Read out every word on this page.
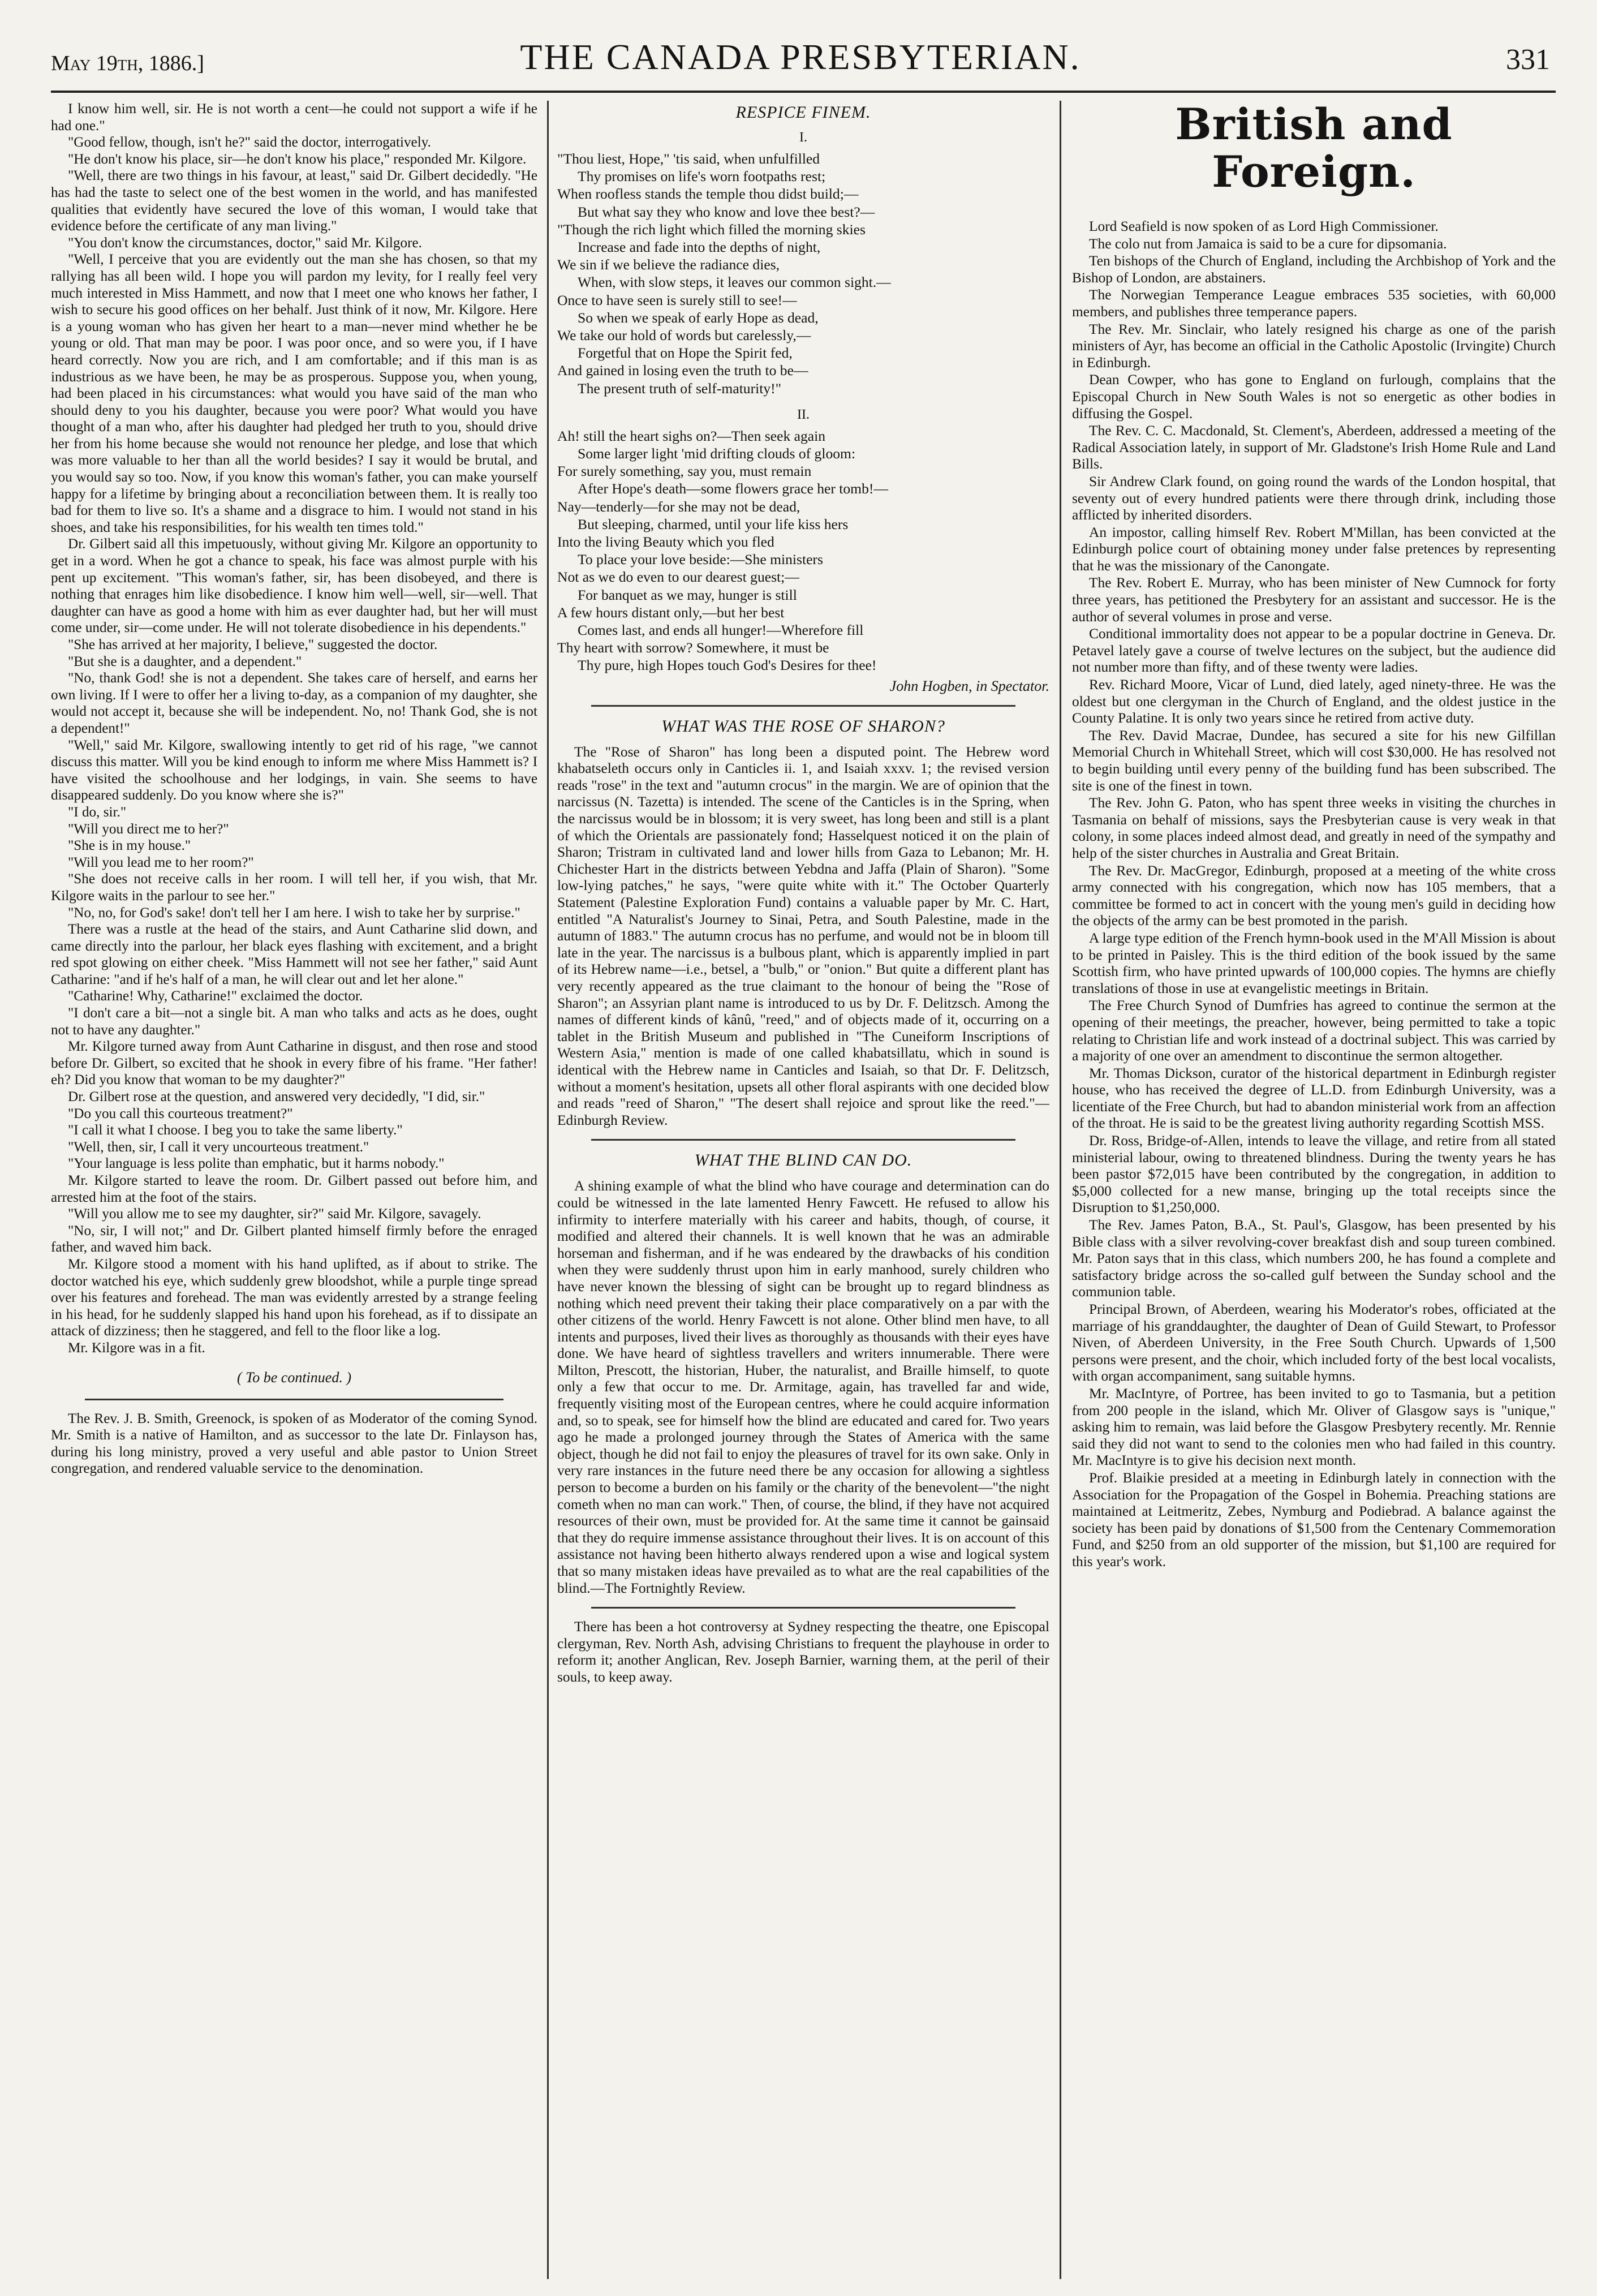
May 19th, 1886.]	THE CANADA PRESBYTERIAN.	331

I know him well, sir. He is not worth a cent—he could not support a wife if he had one."

"Good fellow, though, isn't he?" said the doctor, interrogatively.

"He don't know his place, sir—he don't know his place," responded Mr. Kilgore.

"Well, there are two things in his favour, at least," said Dr. Gilbert decidedly. "He has had the taste to select one of the best women in the world, and has manifested qualities that evidently have secured the love of this woman, I would take that evidence before the certificate of any man living."

"You don't know the circumstances, doctor," said Mr. Kilgore.

"Well, I perceive that you are evidently out the man she has chosen, so that my rallying has all been wild. I hope you will pardon my levity, for I really feel very much interested in Miss Hammett, and now that I meet one who knows her father, I wish to secure his good offices on her behalf. Just think of it now, Mr. Kilgore. Here is a young woman who has given her heart to a man—never mind whether he be young or old. That man may be poor. I was poor once, and so were you, if I have heard correctly. Now you are rich, and I am comfortable; and if this man is as industrious as we have been, he may be as prosperous. Suppose you, when young, had been placed in his circumstances: what would you have said of the man who should deny to you his daughter, because you were poor? What would you have thought of a man who, after his daughter had pledged her truth to you, should drive her from his home because she would not renounce her pledge, and lose that which was more valuable to her than all the world besides? I say it would be brutal, and you would say so too. Now, if you know this woman's father, you can make yourself happy for a lifetime by bringing about a reconciliation between them. It is really too bad for them to live so. It's a shame and a disgrace to him. I would not stand in his shoes, and take his responsibilities, for his wealth ten times told."

Dr. Gilbert said all this impetuously, without giving Mr. Kilgore an opportunity to get in a word. When he got a chance to speak, his face was almost purple with his pent up excitement. "This woman's father, sir, has been disobeyed, and there is nothing that enrages him like disobedience. I know him well—well, sir—well. That daughter can have as good a home with him as ever daughter had, but her will must come under, sir—come under. He will not tolerate disobedience in his dependents."

"She has arrived at her majority, I believe," suggested the doctor.

"But she is a daughter, and a dependent."

"No, thank God! she is not a dependent. She takes care of herself, and earns her own living. If I were to offer her a living to-day, as a companion of my daughter, she would not accept it, because she will be independent. No, no! Thank God, she is not a dependent!"

"Well," said Mr. Kilgore, swallowing intently to get rid of his rage, "we cannot discuss this matter. Will you be kind enough to inform me where Miss Hammett is? I have visited the schoolhouse and her lodgings, in vain. She seems to have disappeared suddenly. Do you know where she is?"

"I do, sir."

"Will you direct me to her?"

"She is in my house."

"Will you lead me to her room?"

"She does not receive calls in her room. I will tell her, if you wish, that Mr. Kilgore waits in the parlour to see her."

"No, no, for God's sake! don't tell her I am here. I wish to take her by surprise."

There was a rustle at the head of the stairs, and Aunt Catharine slid down, and came directly into the parlour, her black eyes flashing with excitement, and a bright red spot glowing on either cheek. "Miss Hammett will not see her father," said Aunt Catharine: "and if he's half of a man, he will clear out and let her alone."

"Catharine! Why, Catharine!" exclaimed the doctor.

"I don't care a bit—not a single bit. A man who talks and acts as he does, ought not to have any daughter."

Mr. Kilgore turned away from Aunt Catharine in disgust, and then rose and stood before Dr. Gilbert, so excited that he shook in every fibre of his frame. "Her father! eh? Did you know that woman to be my daughter?"

Dr. Gilbert rose at the question, and answered very decidedly, "I did, sir."

"Do you call this courteous treatment?"

"I call it what I choose. I beg you to take the same liberty."

"Well, then, sir, I call it very uncourteous treatment."

"Your language is less polite than emphatic, but it harms nobody."

Mr. Kilgore started to leave the room. Dr. Gilbert passed out before him, and arrested him at the foot of the stairs.

"Will you allow me to see my daughter, sir?" said Mr. Kilgore, savagely.

"No, sir, I will not;" and Dr. Gilbert planted himself firmly before the enraged father, and waved him back.

Mr. Kilgore stood a moment with his hand uplifted, as if about to strike. The doctor watched his eye, which suddenly grew bloodshot, while a purple tinge spread over his features and forehead. The man was evidently arrested by a strange feeling in his head, for he suddenly slapped his hand upon his forehead, as if to dissipate an attack of dizziness; then he staggered, and fell to the floor like a log.

Mr. Kilgore was in a fit.

( To be continued. )

The Rev. J. B. Smith, Greenock, is spoken of as Moderator of the coming Synod. Mr. Smith is a native of Hamilton, and as successor to the late Dr. Finlayson has, during his long ministry, proved a very useful and able pastor to Union Street congregation, and rendered valuable service to the denomination.

RESPICE FINEM.
I.
"Thou liest, Hope," 'tis said, when unfulfilled
Thy promises on life's worn footpaths rest;
When roofless stands the temple thou didst build;—
But what say they who know and love thee best?—
"Though the rich light which filled the morning skies
Increase and fade into the depths of night,
We sin if we believe the radiance dies,
When, with slow steps, it leaves our common sight.—
Once to have seen is surely still to see!—
So when we speak of early Hope as dead,
We take our hold of words but carelessly,—
Forgetful that on Hope the Spirit fed,
And gained in losing even the truth to be—
The present truth of self-maturity!"
II.
Ah! still the heart sighs on?—Then seek again
Some larger light 'mid drifting clouds of gloom:
For surely something, say you, must remain
After Hope's death—some flowers grace her tomb!—
Nay—tenderly—for she may not be dead,
But sleeping, charmed, until your life kiss hers
Into the living Beauty which you fled
To place your love beside:—She ministers
Not as we do even to our dearest guest;—
For banquet as we may, hunger is still
A few hours distant only,—but her best
Comes last, and ends all hunger!—Wherefore fill
Thy heart with sorrow? Somewhere, it must be
Thy pure, high Hopes touch God's Desires for thee!
John Hogben, in Spectator.
WHAT WAS THE ROSE OF SHARON?

The "Rose of Sharon" has long been a disputed point. The Hebrew word khabatseleth occurs only in Canticles ii. 1, and Isaiah xxxv. 1; the revised version reads "rose" in the text and "autumn crocus" in the margin. We are of opinion that the narcissus (N. Tazetta) is intended. The scene of the Canticles is in the Spring, when the narcissus would be in blossom; it is very sweet, has long been and still is a plant of which the Orientals are passionately fond; Hasselquest noticed it on the plain of Sharon; Tristram in cultivated land and lower hills from Gaza to Lebanon; Mr. H. Chichester Hart in the districts between Yebdna and Jaffa (Plain of Sharon). "Some low-lying patches," he says, "were quite white with it." The October Quarterly Statement (Palestine Exploration Fund) contains a valuable paper by Mr. C. Hart, entitled "A Naturalist's Journey to Sinai, Petra, and South Palestine, made in the autumn of 1883." The autumn crocus has no perfume, and would not be in bloom till late in the year. The narcissus is a bulbous plant, which is apparently implied in part of its Hebrew name—i.e., betsel, a "bulb," or "onion." But quite a different plant has very recently appeared as the true claimant to the honour of being the "Rose of Sharon"; an Assyrian plant name is introduced to us by Dr. F. Delitzsch. Among the names of different kinds of kânû, "reed," and of objects made of it, occurring on a tablet in the British Museum and published in "The Cuneiform Inscriptions of Western Asia," mention is made of one called khabatsillatu, which in sound is identical with the Hebrew name in Canticles and Isaiah, so that Dr. F. Delitzsch, without a moment's hesitation, upsets all other floral aspirants with one decided blow and reads "reed of Sharon," "The desert shall rejoice and sprout like the reed."—Edinburgh Review.

WHAT THE BLIND CAN DO.

A shining example of what the blind who have courage and determination can do could be witnessed in the late lamented Henry Fawcett. He refused to allow his infirmity to interfere materially with his career and habits, though, of course, it modified and altered their channels. It is well known that he was an admirable horseman and fisherman, and if he was endeared by the drawbacks of his condition when they were suddenly thrust upon him in early manhood, surely children who have never known the blessing of sight can be brought up to regard blindness as nothing which need prevent their taking their place comparatively on a par with the other citizens of the world. Henry Fawcett is not alone. Other blind men have, to all intents and purposes, lived their lives as thoroughly as thousands with their eyes have done. We have heard of sightless travellers and writers innumerable. There were Milton, Prescott, the historian, Huber, the naturalist, and Braille himself, to quote only a few that occur to me. Dr. Armitage, again, has travelled far and wide, frequently visiting most of the European centres, where he could acquire information and, so to speak, see for himself how the blind are educated and cared for. Two years ago he made a prolonged journey through the States of America with the same object, though he did not fail to enjoy the pleasures of travel for its own sake. Only in very rare instances in the future need there be any occasion for allowing a sightless person to become a burden on his family or the charity of the benevolent—"the night cometh when no man can work." Then, of course, the blind, if they have not acquired resources of their own, must be provided for. At the same time it cannot be gainsaid that they do require immense assistance throughout their lives. It is on account of this assistance not having been hitherto always rendered upon a wise and logical system that so many mistaken ideas have prevailed as to what are the real capabilities of the blind.—The Fortnightly Review.

There has been a hot controversy at Sydney respecting the theatre, one Episcopal clergyman, Rev. North Ash, advising Christians to frequent the playhouse in order to reform it; another Anglican, Rev. Joseph Barnier, warning them, at the peril of their souls, to keep away.

British and Foreign.

Lord Seafield is now spoken of as Lord High Commissioner.

The colo nut from Jamaica is said to be a cure for dipsomania.

Ten bishops of the Church of England, including the Archbishop of York and the Bishop of London, are abstainers.

The Norwegian Temperance League embraces 535 societies, with 60,000 members, and publishes three temperance papers.

The Rev. Mr. Sinclair, who lately resigned his charge as one of the parish ministers of Ayr, has become an official in the Catholic Apostolic (Irvingite) Church in Edinburgh.

Dean Cowper, who has gone to England on furlough, complains that the Episcopal Church in New South Wales is not so energetic as other bodies in diffusing the Gospel.

The Rev. C. C. Macdonald, St. Clement's, Aberdeen, addressed a meeting of the Radical Association lately, in support of Mr. Gladstone's Irish Home Rule and Land Bills.

Sir Andrew Clark found, on going round the wards of the London hospital, that seventy out of every hundred patients were there through drink, including those afflicted by inherited disorders.

An impostor, calling himself Rev. Robert M'Millan, has been convicted at the Edinburgh police court of obtaining money under false pretences by representing that he was the missionary of the Canongate.

The Rev. Robert E. Murray, who has been minister of New Cumnock for forty three years, has petitioned the Presbytery for an assistant and successor. He is the author of several volumes in prose and verse.

Conditional immortality does not appear to be a popular doctrine in Geneva. Dr. Petavel lately gave a course of twelve lectures on the subject, but the audience did not number more than fifty, and of these twenty were ladies.

Rev. Richard Moore, Vicar of Lund, died lately, aged ninety-three. He was the oldest but one clergyman in the Church of England, and the oldest justice in the County Palatine. It is only two years since he retired from active duty.

The Rev. David Macrae, Dundee, has secured a site for his new Gilfillan Memorial Church in Whitehall Street, which will cost $30,000. He has resolved not to begin building until every penny of the building fund has been subscribed. The site is one of the finest in town.

The Rev. John G. Paton, who has spent three weeks in visiting the churches in Tasmania on behalf of missions, says the Presbyterian cause is very weak in that colony, in some places indeed almost dead, and greatly in need of the sympathy and help of the sister churches in Australia and Great Britain.

The Rev. Dr. MacGregor, Edinburgh, proposed at a meeting of the white cross army connected with his congregation, which now has 105 members, that a committee be formed to act in concert with the young men's guild in deciding how the objects of the army can be best promoted in the parish.

A large type edition of the French hymn-book used in the M'All Mission is about to be printed in Paisley. This is the third edition of the book issued by the same Scottish firm, who have printed upwards of 100,000 copies. The hymns are chiefly translations of those in use at evangelistic meetings in Britain.

The Free Church Synod of Dumfries has agreed to continue the sermon at the opening of their meetings, the preacher, however, being permitted to take a topic relating to Christian life and work instead of a doctrinal subject. This was carried by a majority of one over an amendment to discontinue the sermon altogether.

Mr. Thomas Dickson, curator of the historical department in Edinburgh register house, who has received the degree of LL.D. from Edinburgh University, was a licentiate of the Free Church, but had to abandon ministerial work from an affection of the throat. He is said to be the greatest living authority regarding Scottish MSS.

Dr. Ross, Bridge-of-Allen, intends to leave the village, and retire from all stated ministerial labour, owing to threatened blindness. During the twenty years he has been pastor $72,015 have been contributed by the congregation, in addition to $5,000 collected for a new manse, bringing up the total receipts since the Disruption to $1,250,000.

The Rev. James Paton, B.A., St. Paul's, Glasgow, has been presented by his Bible class with a silver revolving-cover breakfast dish and soup tureen combined. Mr. Paton says that in this class, which numbers 200, he has found a complete and satisfactory bridge across the so-called gulf between the Sunday school and the communion table.

Principal Brown, of Aberdeen, wearing his Moderator's robes, officiated at the marriage of his granddaughter, the daughter of Dean of Guild Stewart, to Professor Niven, of Aberdeen University, in the Free South Church. Upwards of 1,500 persons were present, and the choir, which included forty of the best local vocalists, with organ accompaniment, sang suitable hymns.

Mr. MacIntyre, of Portree, has been invited to go to Tasmania, but a petition from 200 people in the island, which Mr. Oliver of Glasgow says is "unique," asking him to remain, was laid before the Glasgow Presbytery recently. Mr. Rennie said they did not want to send to the colonies men who had failed in this country. Mr. MacIntyre is to give his decision next month.

Prof. Blaikie presided at a meeting in Edinburgh lately in connection with the Association for the Propagation of the Gospel in Bohemia. Preaching stations are maintained at Leitmeritz, Zebes, Nymburg and Podiebrad. A balance against the society has been paid by donations of $1,500 from the Centenary Commemoration Fund, and $250 from an old supporter of the mission, but $1,100 are required for this year's work.
